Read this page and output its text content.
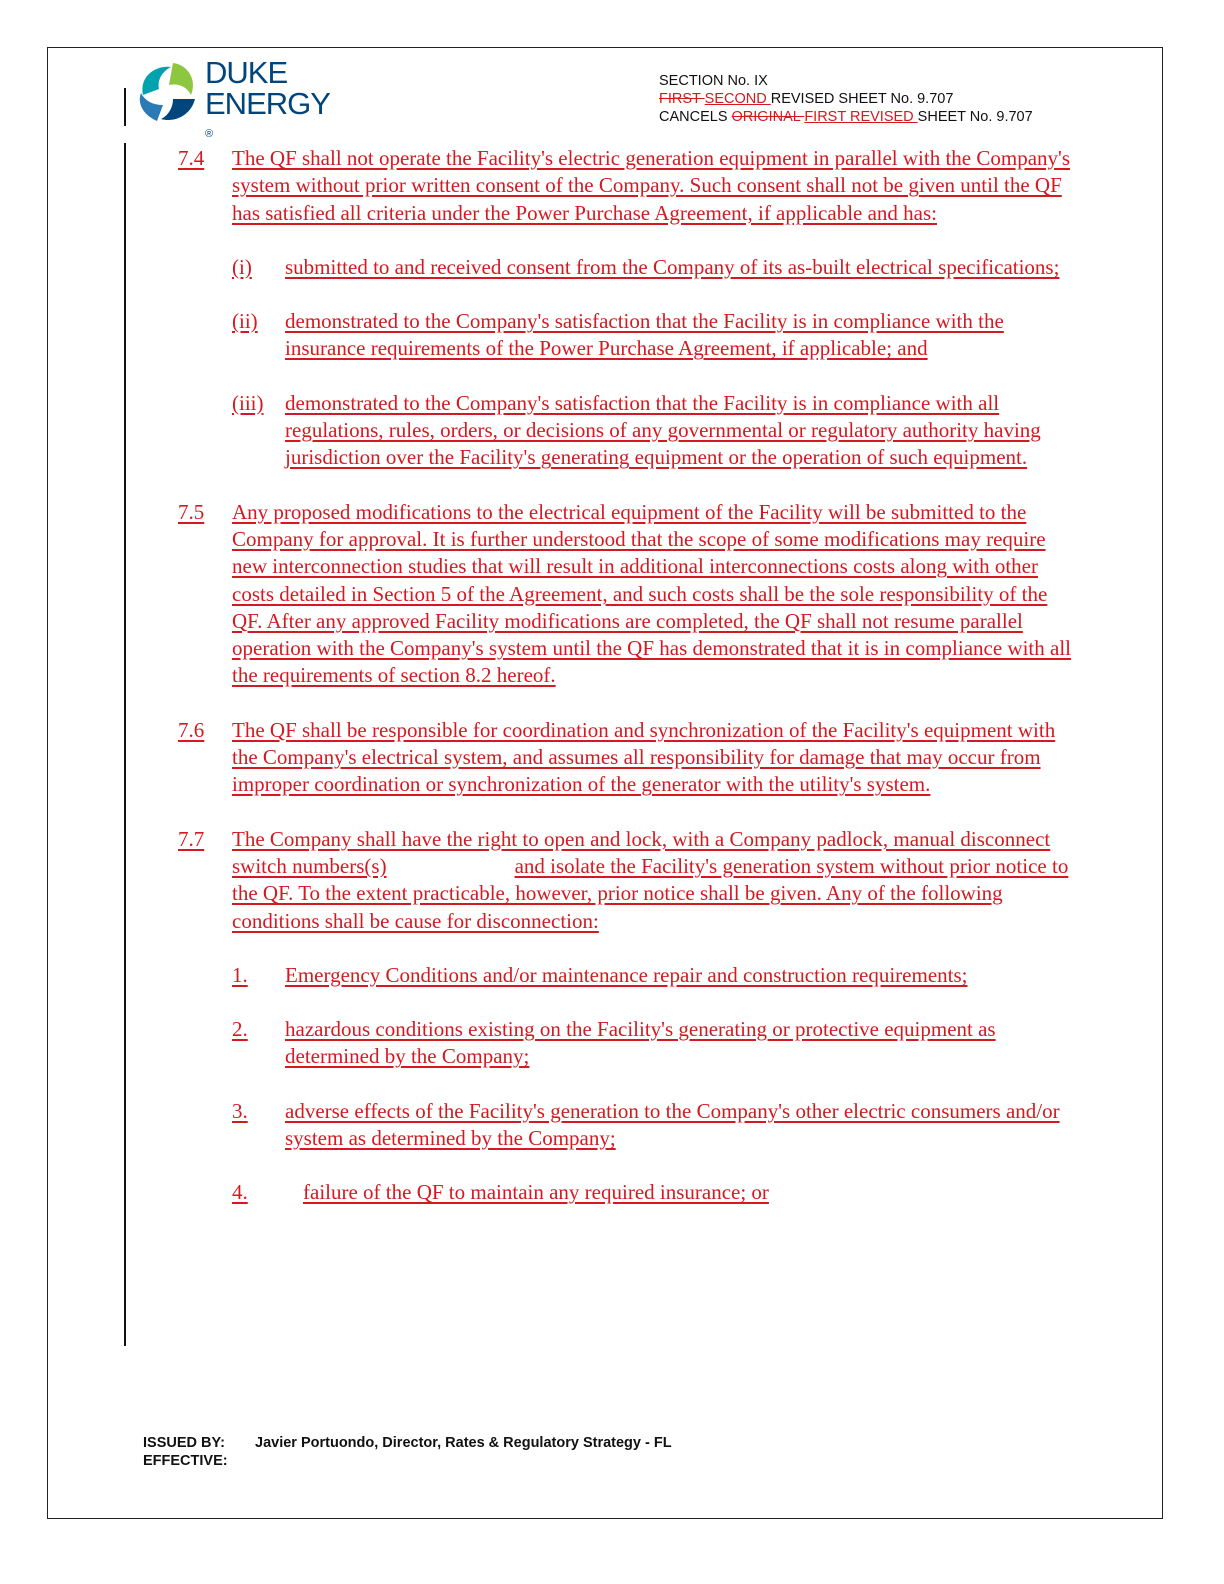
DUKE
ENERGY
®
SECTION No. IX
FIRST SECOND REVISED SHEET No. 9.707
CANCELS ORIGINAL FIRST REVISED SHEET No. 9.707
7.4 The QF shall not operate the Facility's electric generation equipment in parallel with the Company's system without prior written consent of the Company. Such consent shall not be given until the QF has satisfied all criteria under the Power Purchase Agreement, if applicable and has:
(i) submitted to and received consent from the Company of its as-built electrical specifications;
(ii) demonstrated to the Company's satisfaction that the Facility is in compliance with the insurance requirements of the Power Purchase Agreement, if applicable; and
(iii) demonstrated to the Company's satisfaction that the Facility is in compliance with all regulations, rules, orders, or decisions of any governmental or regulatory authority having jurisdiction over the Facility's generating equipment or the operation of such equipment.
7.5 Any proposed modifications to the electrical equipment of the Facility will be submitted to the Company for approval. It is further understood that the scope of some modifications may require new interconnection studies that will result in additional interconnections costs along with other costs detailed in Section 5 of the Agreement, and such costs shall be the sole responsibility of the QF. After any approved Facility modifications are completed, the QF shall not resume parallel operation with the Company's system until the QF has demonstrated that it is in compliance with all the requirements of section 8.2 hereof.
7.6 The QF shall be responsible for coordination and synchronization of the Facility's equipment with the Company's electrical system, and assumes all responsibility for damage that may occur from improper coordination or synchronization of the generator with the utility's system.
7.7 The Company shall have the right to open and lock, with a Company padlock, manual disconnect switch numbers(s)	and isolate the Facility's generation system without prior notice to the QF. To the extent practicable, however, prior notice shall be given. Any of the following conditions shall be cause for disconnection:
1. Emergency Conditions and/or maintenance repair and construction requirements;
2. hazardous conditions existing on the Facility's generating or protective equipment as determined by the Company;
3. adverse effects of the Facility's generation to the Company's other electric consumers and/or system as determined by the Company;
4.	failure of the QF to maintain any required insurance; or
ISSUED BY: Javier Portuondo, Director, Rates & Regulatory Strategy - FL
EFFECTIVE:
